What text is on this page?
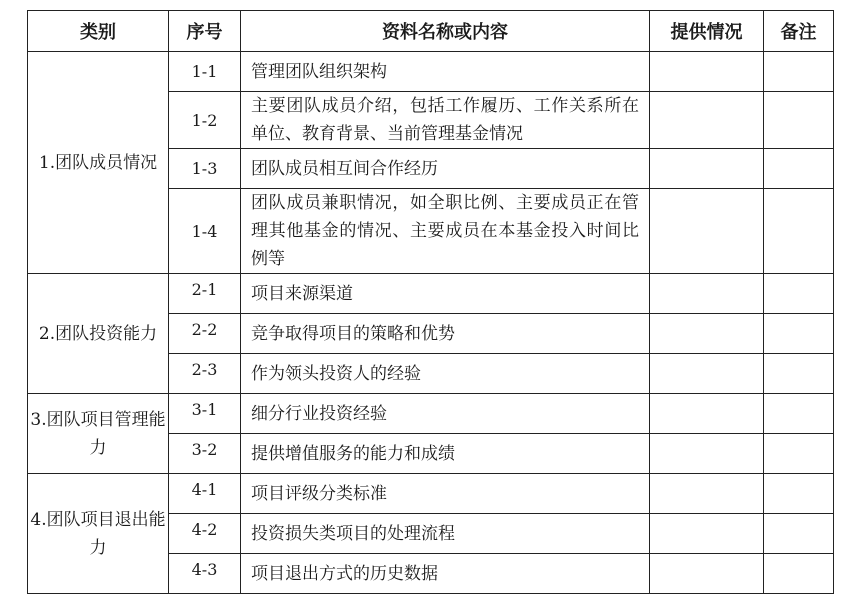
类别	序号	资料名称或内容	提供情况	备注
1.团队成员情况	1-1	管理团队组织架构		
	1-2	主要团队成员介绍，包括工作履历、工作关系所在单位、教育背景、当前管理基金情况		
	1-3	团队成员相互间合作经历		
	1-4	团队成员兼职情况，如全职比例、主要成员正在管理其他基金的情况、主要成员在本基金投入时间比例等		
2.团队投资能力	2-1	项目来源渠道		
	2-2	竞争取得项目的策略和优势		
	2-3	作为领头投资人的经验		
3.团队项目管理能力	3-1	细分行业投资经验		
	3-2	提供增值服务的能力和成绩		
4.团队项目退出能力	4-1	项目评级分类标准		
	4-2	投资损失类项目的处理流程		
	4-3	项目退出方式的历史数据		
